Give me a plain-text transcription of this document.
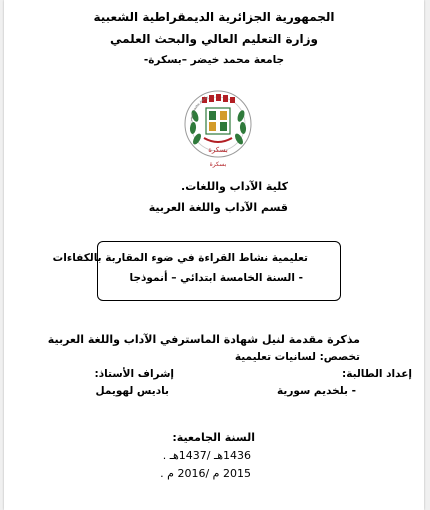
الجمهورية الجزائرية الديمقراطية الشعبية
وزارة التعليم العالي والبحث العلمي
جامعة محمد خيضر –بسكرة-
جامعة محمد خيضر
بسكرة
بسكرة
كلية الآداب واللغات.
قسم الآداب واللغة العربية
تعليمية نشاط القراءة في ضوء المقاربة بالكفاءات
- السنة الخامسة ابتدائي – أنموذجا
مذكرة مقدمة لنيل شهادة الماسترفي الآداب واللغة العربية
تخصص: لسانيات تعليمية
إعداد الطالبة:
إشراف الأستاذ:
- بلخديم سورية
باديس لهويمل
السنة الجامعية:
1436هـ /1437هـ .
2015 م /2016 م .
